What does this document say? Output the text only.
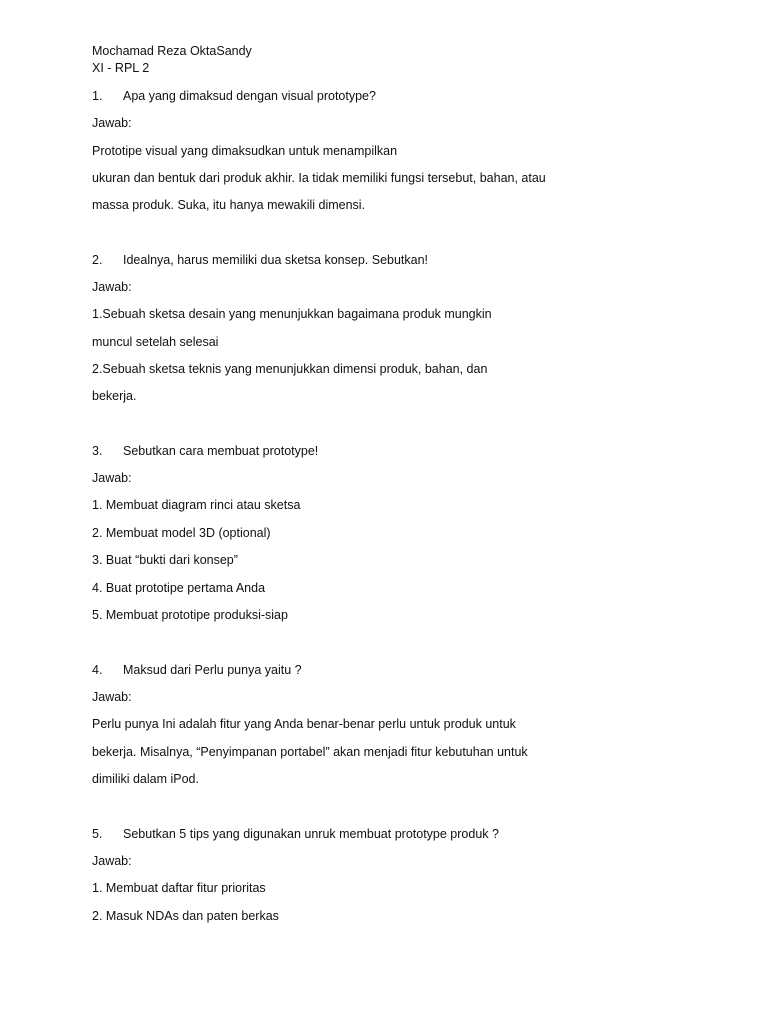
Mochamad Reza OktaSandy
XI - RPL 2
1. Apa yang dimaksud dengan visual prototype?
Jawab:
Prototipe visual yang dimaksudkan untuk menampilkan
ukuran dan bentuk dari produk akhir. Ia tidak memiliki fungsi tersebut, bahan, atau
massa produk. Suka, itu hanya mewakili dimensi.
2. Idealnya, harus memiliki dua sketsa konsep. Sebutkan!
Jawab:
1.Sebuah sketsa desain yang menunjukkan bagaimana produk mungkin
muncul setelah selesai
2.Sebuah sketsa teknis yang menunjukkan dimensi produk, bahan, dan
bekerja.
3. Sebutkan cara membuat prototype!
Jawab:
1. Membuat diagram rinci atau sketsa
2. Membuat model 3D (optional)
3. Buat “bukti dari konsep”
4. Buat prototipe pertama Anda
5. Membuat prototipe produksi-siap
4. Maksud dari Perlu punya yaitu ?
Jawab:
Perlu punya Ini adalah fitur yang Anda benar-benar perlu untuk produk untuk
bekerja. Misalnya, “Penyimpanan portabel” akan menjadi fitur kebutuhan untuk
dimiliki dalam iPod.
5. Sebutkan 5 tips yang digunakan unruk membuat prototype produk ?
Jawab:
1. Membuat daftar fitur prioritas
2. Masuk NDAs dan paten berkas
